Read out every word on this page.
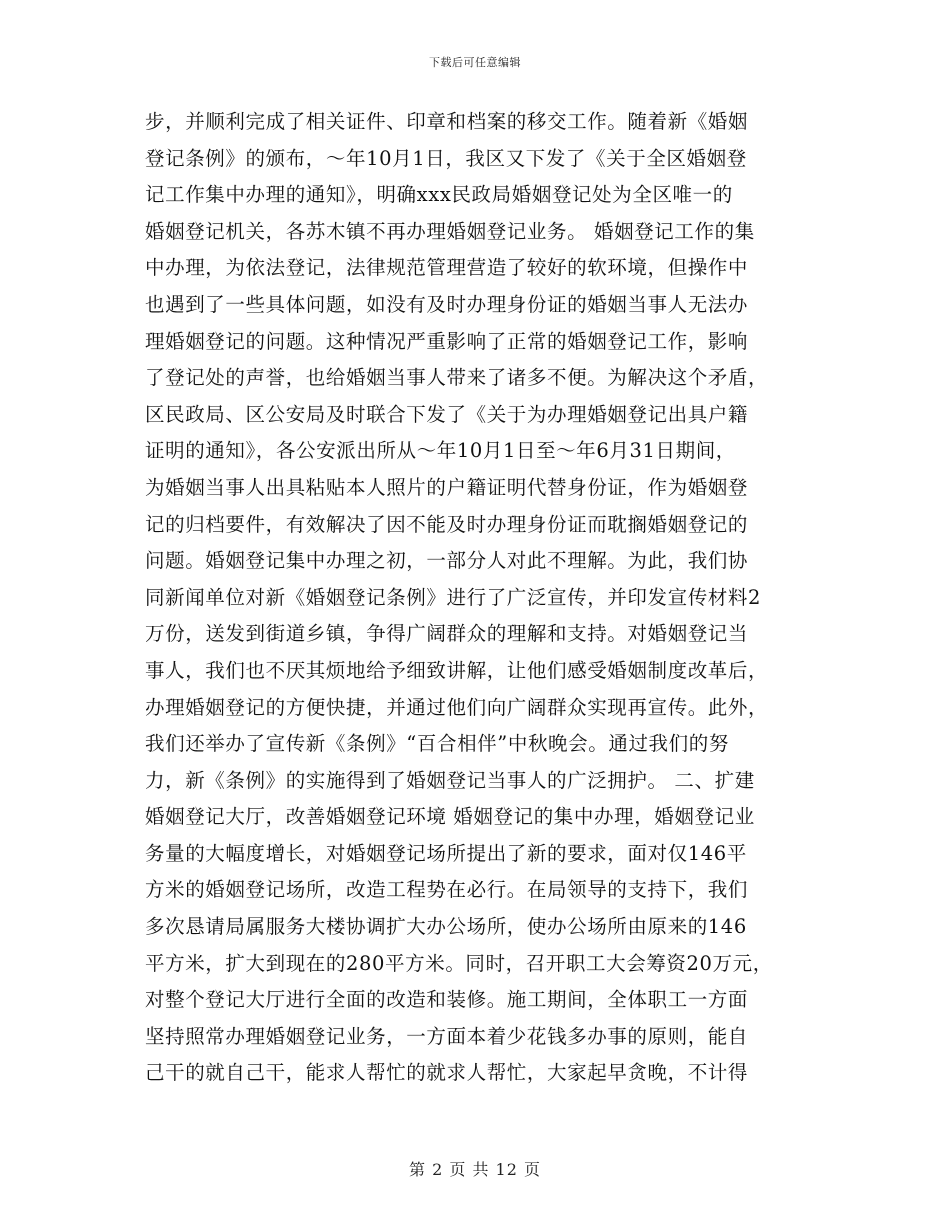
下载后可任意编辑
步，并顺利完成了相关证件、印章和档案的移交工作。随着新《婚姻
登记条例》的颁布，～年10月1日，我区又下发了《关于全区婚姻登
记工作集中办理的通知》，明确xxx民政局婚姻登记处为全区唯一的
婚姻登记机关，各苏木镇不再办理婚姻登记业务。 婚姻登记工作的集
中办理，为依法登记，法律规范管理营造了较好的软环境，但操作中
也遇到了一些具体问题，如没有及时办理身份证的婚姻当事人无法办
理婚姻登记的问题。这种情况严重影响了正常的婚姻登记工作，影响
了登记处的声誉，也给婚姻当事人带来了诸多不便。为解决这个矛盾，
区民政局、区公安局及时联合下发了《关于为办理婚姻登记出具户籍
证明的通知》，各公安派出所从～年10月1日至～年6月31日期间，
为婚姻当事人出具粘贴本人照片的户籍证明代替身份证，作为婚姻登
记的归档要件，有效解决了因不能及时办理身份证而耽搁婚姻登记的
问题。婚姻登记集中办理之初，一部分人对此不理解。为此，我们协
同新闻单位对新《婚姻登记条例》进行了广泛宣传，并印发宣传材料2
万份，送发到街道乡镇，争得广阔群众的理解和支持。对婚姻登记当
事人，我们也不厌其烦地给予细致讲解，让他们感受婚姻制度改革后，
办理婚姻登记的方便快捷，并通过他们向广阔群众实现再宣传。此外，
我们还举办了宣传新《条例》“百合相伴”中秋晚会。通过我们的努
力，新《条例》的实施得到了婚姻登记当事人的广泛拥护。 二、扩建
婚姻登记大厅，改善婚姻登记环境 婚姻登记的集中办理，婚姻登记业
务量的大幅度增长，对婚姻登记场所提出了新的要求，面对仅146平
方米的婚姻登记场所，改造工程势在必行。在局领导的支持下，我们
多次恳请局属服务大楼协调扩大办公场所，使办公场所由原来的146
平方米，扩大到现在的280平方米。同时，召开职工大会筹资20万元，
对整个登记大厅进行全面的改造和装修。施工期间，全体职工一方面
坚持照常办理婚姻登记业务，一方面本着少花钱多办事的原则，能自
己干的就自己干，能求人帮忙的就求人帮忙，大家起早贪晚，不计得
第 2 页 共 12 页
